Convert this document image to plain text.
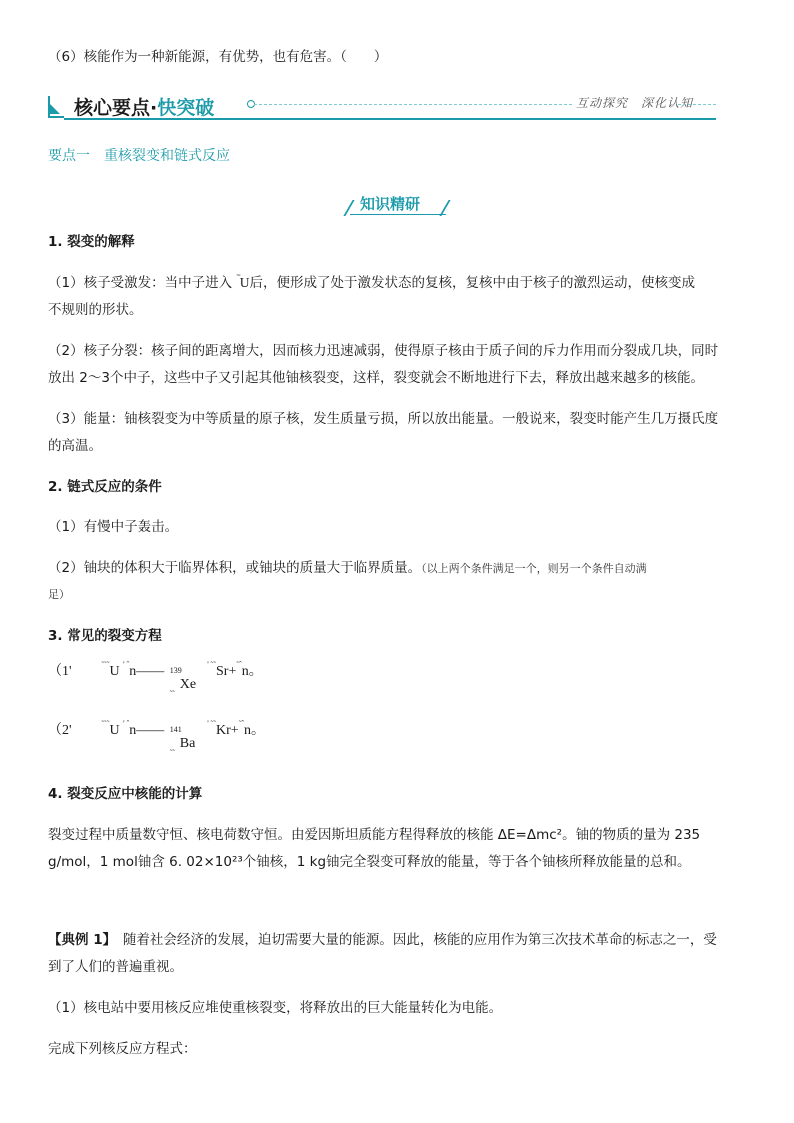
（6）核能作为一种新能源，有优势，也有危害。（　　）
核心要点·快突破	互动探究　深化认知
要点一　重核裂变和链式反应
知识精研
1. 裂变的解释
（1）核子受激发：当中子进入 ˜˜U后，便形成了处于激发状态的复核，复核中由于核子的激烈运动，使核变成
不规则的形状。
（2）核子分裂：核子间的距离增大，因而核力迅速减弱，使得原子核由于质子间的斥力作用而分裂成几块，同时
放出 2～3个中子，这些中子又引起其他铀核裂变，这样，裂变就会不断地进行下去，释放出越来越多的核能。
（3）能量：铀核裂变为中等质量的原子核，发生质量亏损，所以放出能量。一般说来，裂变时能产生几万摄氏度
的高温。
2. 链式反应的条件
（1）有慢中子轰击。
（2）铀块的体积大于临界体积，或铀块的质量大于临界质量。（以上两个条件满足一个，则另一个条件自动满
足）
3. 常见的裂变方程
（1'	˜˜˜U $^{' ˆ}$n—— 139
˜˜
Xe
' ˜˜Sr+$^{˜ˆ}$n。
（2'	˜˜˜U $^{' ˆ}$n—— 141
˜˜
Ba
' ˜˜Kr+$^{˜ˆ}$n。
4. 裂变反应中核能的计算
裂变过程中质量数守恒、核电荷数守恒。由爱因斯坦质能方程得释放的核能 ΔE=Δmc²。铀的物质的量为 235
g/mol，1 mol铀含 6. 02×10²³个铀核，1 kg铀完全裂变可释放的能量，等于各个铀核所释放能量的总和。
【典例 1】　随着社会经济的发展，迫切需要大量的能源。因此，核能的应用作为第三次技术革命的标志之一，受
到了人们的普遍重视。
（1）核电站中要用核反应堆使重核裂变，将释放出的巨大能量转化为电能。
完成下列核反应方程式：
